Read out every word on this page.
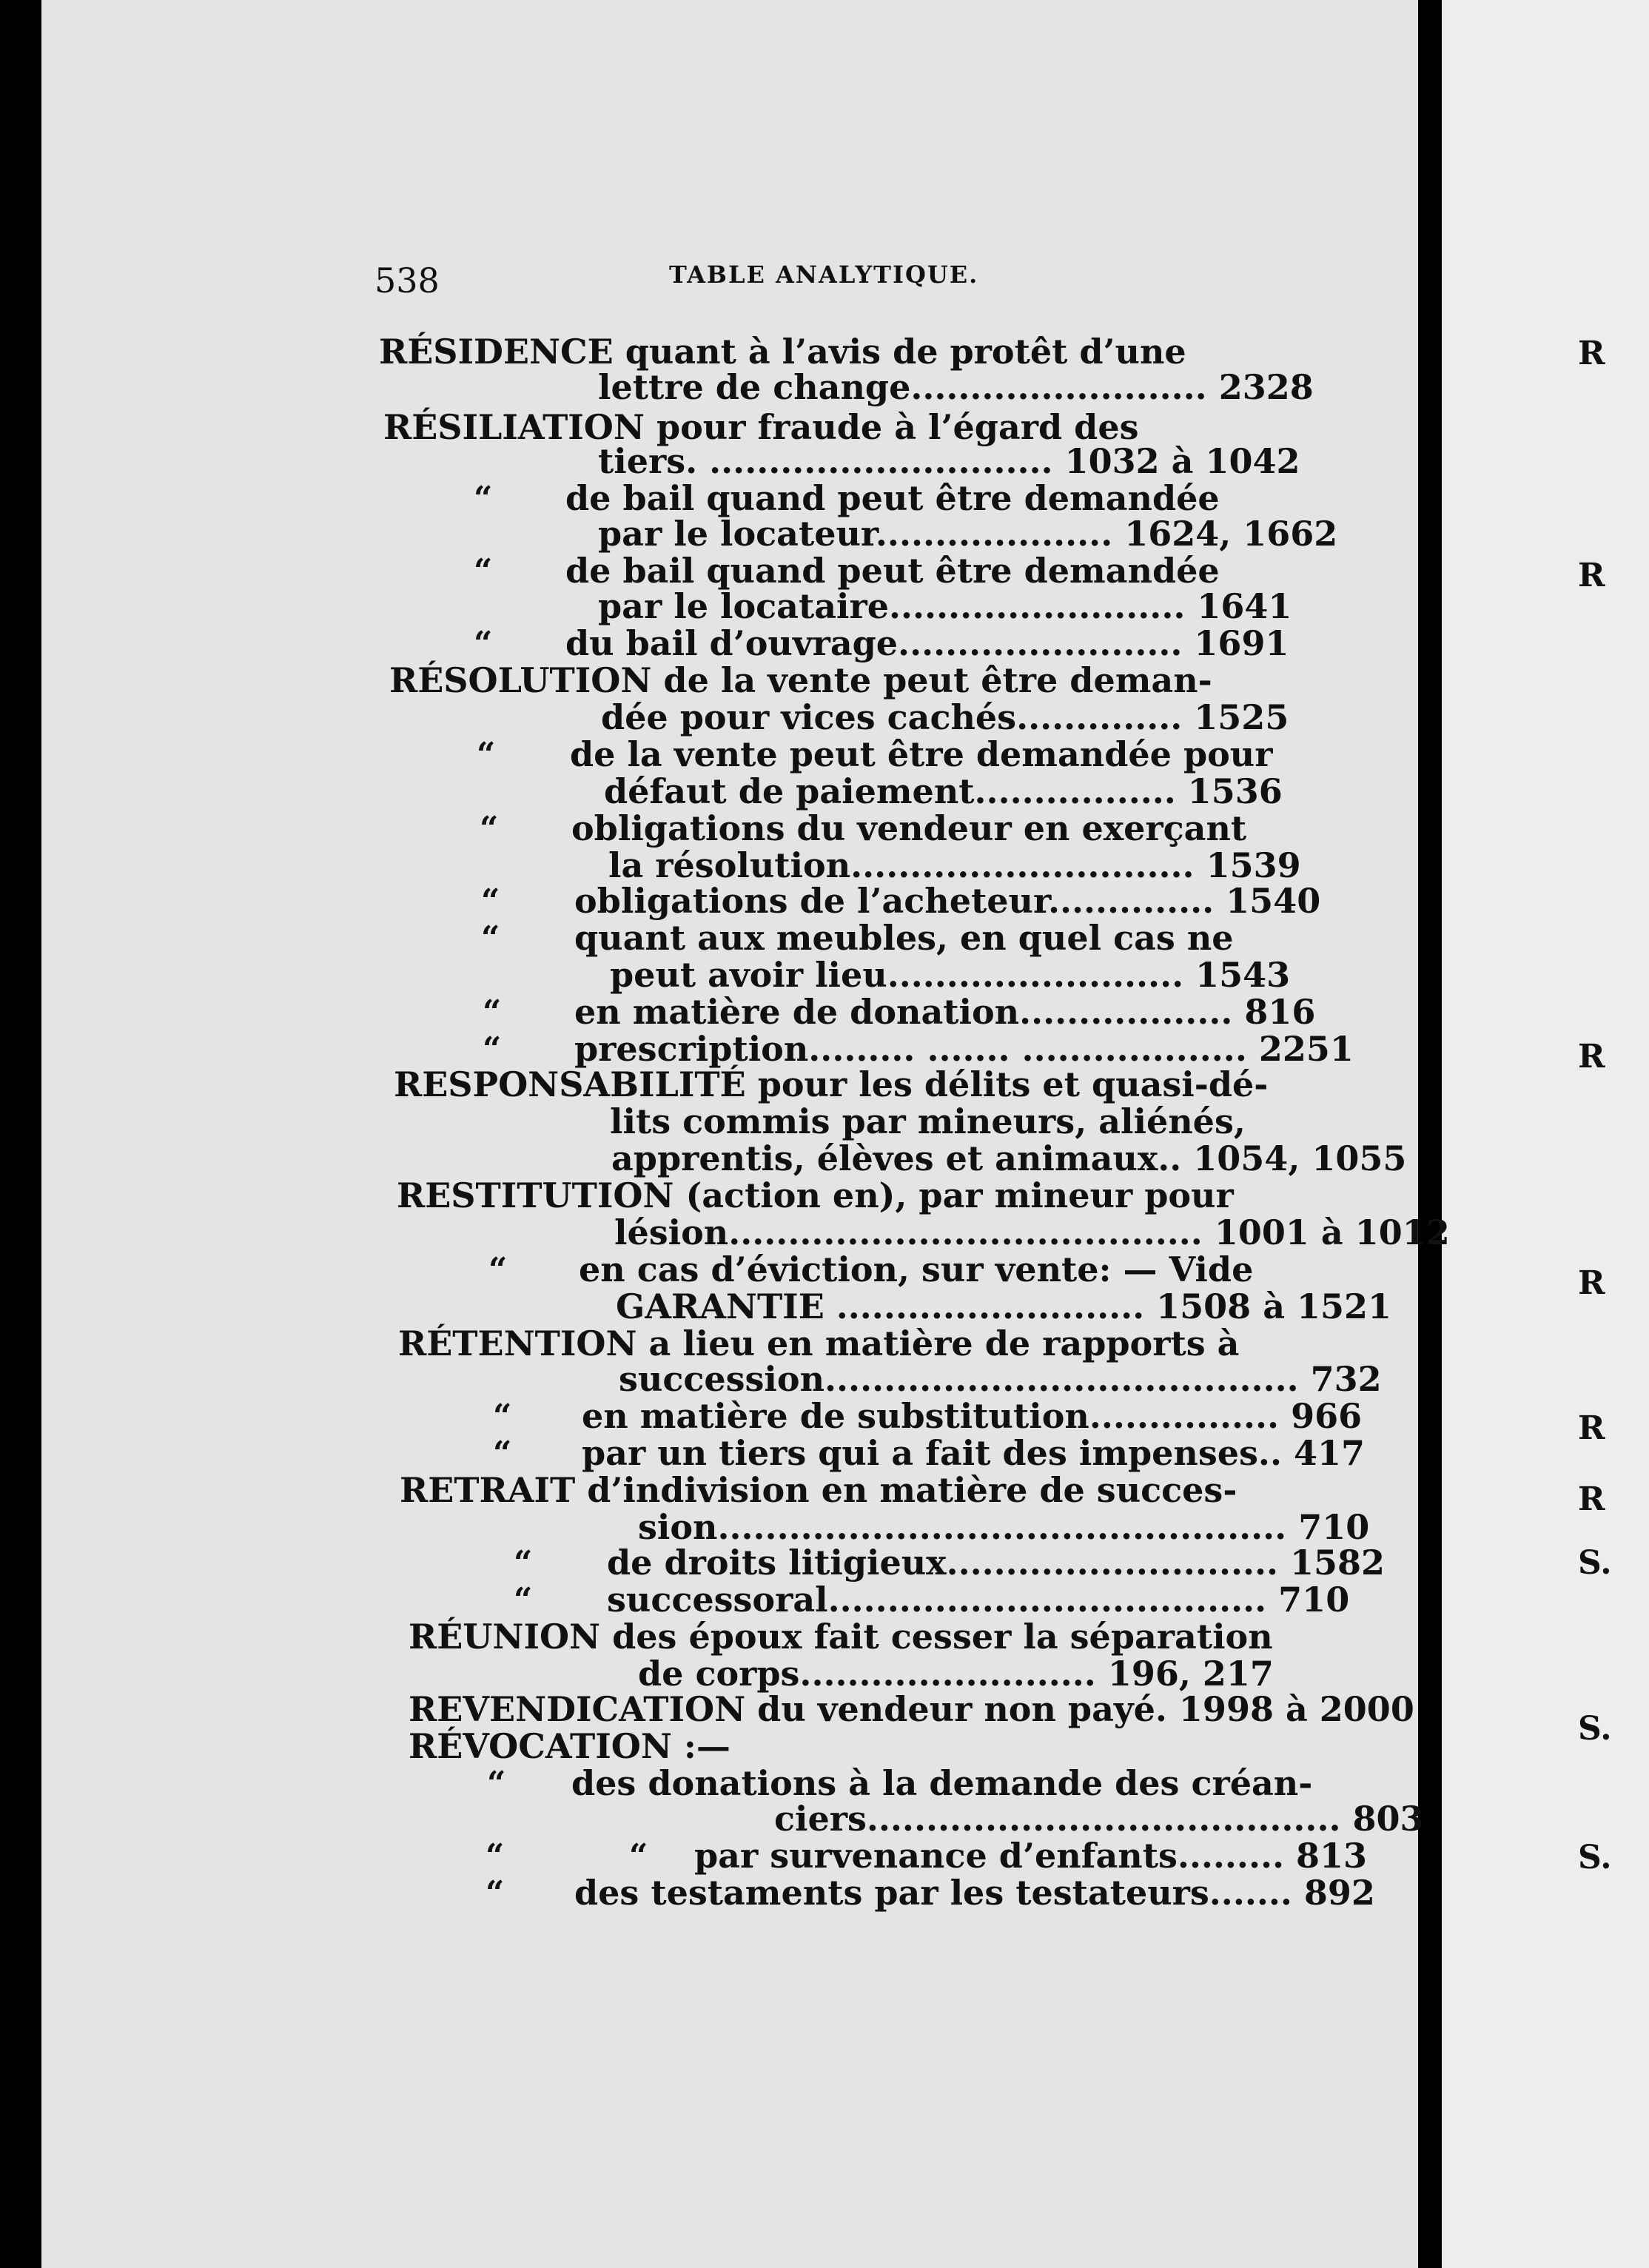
R
R
R
R
R
R
S.
S.
S.
538	TABLE ANALYTIQUE.
RÉSIDENCE quant à l’avis de protêt d’une
lettre de change......................... 2328
RÉSILIATION pour fraude à l’égard des
tiers. ............................. 1032 à 1042
“ de bail quand peut être demandée
par le locateur.................... 1624, 1662
“ de bail quand peut être demandée
par le locataire......................... 1641
“ du bail d’ouvrage........................ 1691
RÉSOLUTION de la vente peut être deman-
dée pour vices cachés.............. 1525
“ de la vente peut être demandée pour
défaut de paiement................. 1536
“ obligations du vendeur en exerçant
la résolution............................. 1539
“ obligations de l’acheteur.............. 1540
“ quant aux meubles, en quel cas ne
peut avoir lieu......................... 1543
“ en matière de donation.................. 816
“ prescription......... ....... ................... 2251
RESPONSABILITÉ pour les délits et quasi-dé-
lits commis par mineurs, aliénés,
apprentis, élèves et animaux.. 1054, 1055
RESTITUTION (action en), par mineur pour
lésion........................................ 1001 à 1012
“ en cas d’éviction, sur vente: — Vide
GARANTIE .......................... 1508 à 1521
RÉTENTION a lieu en matière de rapports à
succession........................................ 732
“ en matière de substitution................ 966
“ par un tiers qui a fait des impenses.. 417
RETRAIT d’indivision en matière de succes-
sion................................................ 710
“ de droits litigieux............................ 1582
“ successoral..................................... 710
RÉUNION des époux fait cesser la séparation
de corps......................... 196, 217
REVENDICATION du vendeur non payé. 1998 à 2000
RÉVOCATION :—
“ des donations à la demande des créan-
ciers........................................ 803
“	“ par survenance d’enfants......... 813
“ des testaments par les testateurs....... 892
